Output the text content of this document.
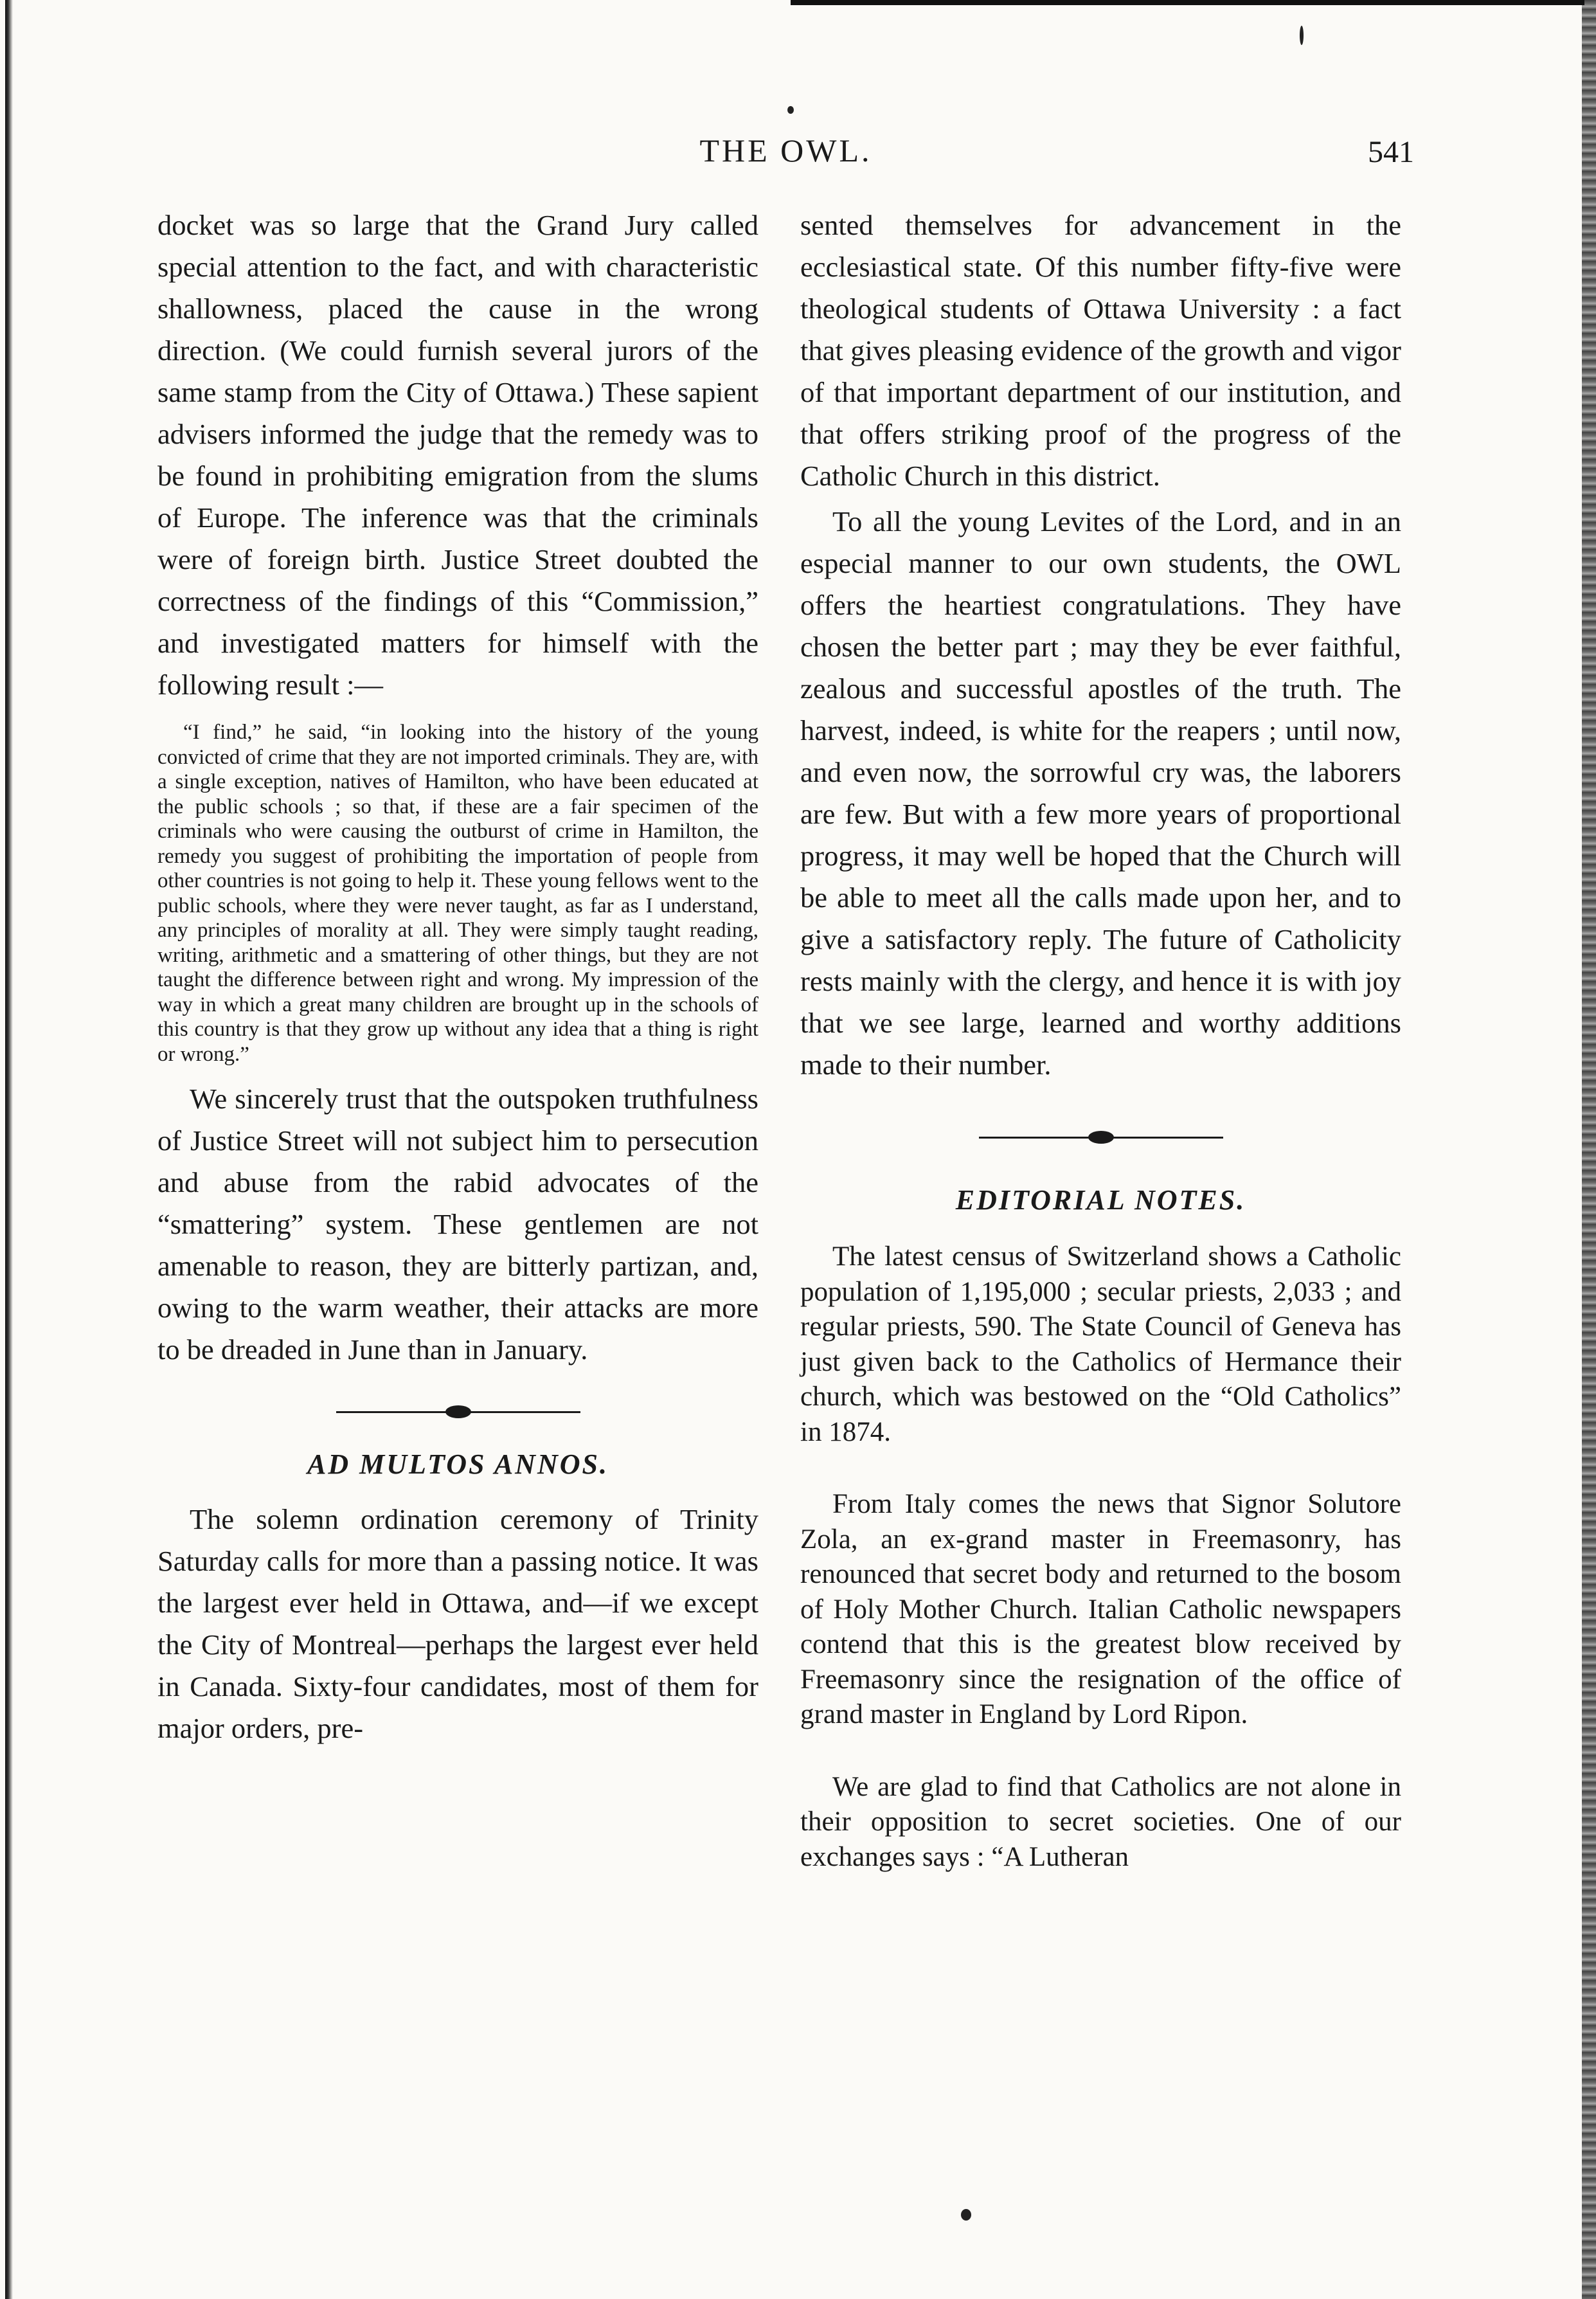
THE OWL.	541

docket was so large that the Grand Jury called special attention to the fact, and with characteristic shallowness, placed the cause in the wrong direction. (We could furnish several jurors of the same stamp from the City of Ottawa.) These sapient advisers informed the judge that the remedy was to be found in prohibiting emigration from the slums of Europe. The inference was that the criminals were of foreign birth. Justice Street doubted the correctness of the findings of this “Commission,” and investigated matters for himself with the following result :—

“I find,” he said, “in looking into the history of the young convicted of crime that they are not imported criminals. They are, with a single exception, natives of Hamilton, who have been educated at the public schools ; so that, if these are a fair specimen of the criminals who were causing the outburst of crime in Hamilton, the remedy you suggest of prohibiting the importation of people from other countries is not going to help it. These young fellows went to the public schools, where they were never taught, as far as I understand, any principles of morality at all. They were simply taught reading, writing, arithmetic and a smattering of other things, but they are not taught the difference between right and wrong. My impression of the way in which a great many children are brought up in the schools of this country is that they grow up without any idea that a thing is right or wrong.”

We sincerely trust that the outspoken truthfulness of Justice Street will not subject him to persecution and abuse from the rabid advocates of the “smattering” system. These gentlemen are not amenable to reason, they are bitterly partizan, and, owing to the warm weather, their attacks are more to be dreaded in June than in January.

AD MULTOS ANNOS.

The solemn ordination ceremony of Trinity Saturday calls for more than a passing notice. It was the largest ever held in Ottawa, and—if we except the City of Montreal—perhaps the largest ever held in Canada. Sixty-four candidates, most of them for major orders, pre-

sented themselves for advancement in the ecclesiastical state. Of this number fifty-five were theological students of Ottawa University : a fact that gives pleasing evidence of the growth and vigor of that important department of our institution, and that offers striking proof of the progress of the Catholic Church in this district.

To all the young Levites of the Lord, and in an especial manner to our own students, the OWL offers the heartiest congratulations. They have chosen the better part ; may they be ever faithful, zealous and successful apostles of the truth. The harvest, indeed, is white for the reapers ; until now, and even now, the sorrowful cry was, the laborers are few. But with a few more years of proportional progress, it may well be hoped that the Church will be able to meet all the calls made upon her, and to give a satisfactory reply. The future of Catholicity rests mainly with the clergy, and hence it is with joy that we see large, learned and worthy additions made to their number.

EDITORIAL NOTES.

The latest census of Switzerland shows a Catholic population of 1,195,000 ; secular priests, 2,033 ; and regular priests, 590. The State Council of Geneva has just given back to the Catholics of Hermance their church, which was bestowed on the “Old Catholics” in 1874.

From Italy comes the news that Signor Solutore Zola, an ex-grand master in Freemasonry, has renounced that secret body and returned to the bosom of Holy Mother Church. Italian Catholic newspapers contend that this is the greatest blow received by Freemasonry since the resignation of the office of grand master in England by Lord Ripon.

We are glad to find that Catholics are not alone in their opposition to secret societies. One of our exchanges says : “A Lutheran
